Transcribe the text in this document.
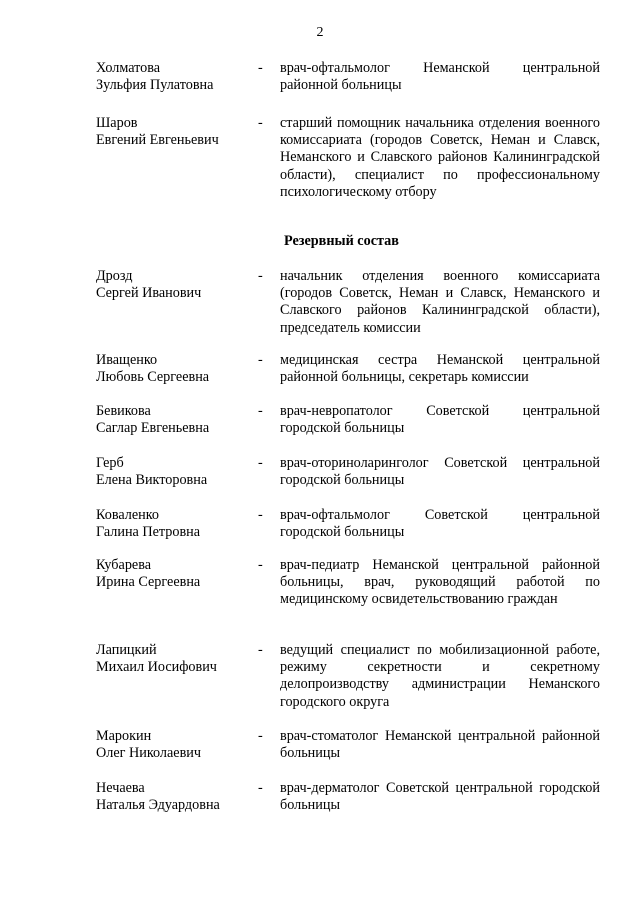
2
Холматова
Зульфия Пулатовна
- врач-офтальмолог Неманской центральной районной больницы
Шаров
Евгений Евгеньевич
- старший помощник начальника отделения военного комиссариата (городов Советск, Неман и Славск, Неманского и Славского районов Калининградской области), специалист по профессиональному психологическому отбору
Резервный состав
Дрозд
Сергей Иванович
- начальник отделения военного комиссариата (городов Советск, Неман и Славск, Неманского и Славского районов Калининградской области), председатель комиссии
Иващенко
Любовь Сергеевна
- медицинская сестра Неманской центральной районной больницы, секретарь комиссии
Бевикова
Саглар Евгеньевна
- врач-невропатолог Советской центральной городской больницы
Герб
Елена Викторовна
- врач-оториноларинголог Советской центральной городской больницы
Коваленко
Галина Петровна
- врач-офтальмолог Советской центральной городской больницы
Кубарева
Ирина Сергеевна
- врач-педиатр Неманской центральной районной больницы, врач, руководящий работой по медицинскому освидетельствованию граждан
Лапицкий
Михаил Иосифович
- ведущий специалист по мобилизационной работе, режиму секретности и секретному делопроизводству администрации Неманского городского округа
Марокин
Олег Николаевич
- врач-стоматолог Неманской центральной районной больницы
Нечаева
Наталья Эдуардовна
- врач-дерматолог Советской центральной городской больницы
